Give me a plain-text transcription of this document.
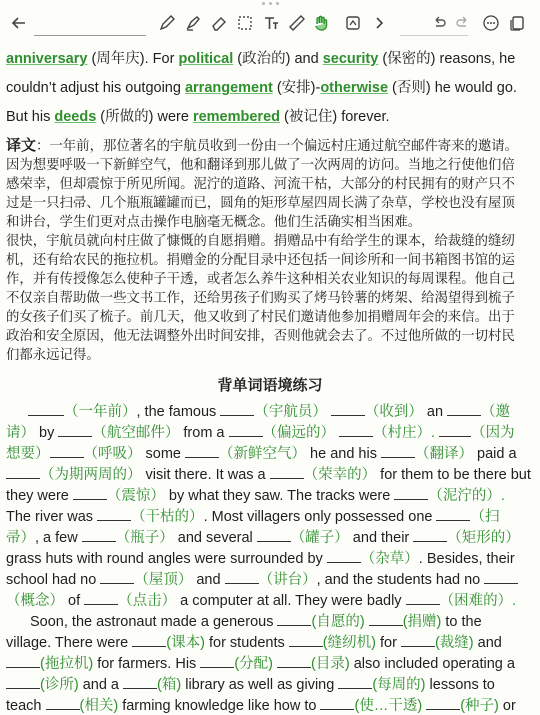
anniversary (周年庆). For political (政治的) and security (保密的) reasons, he
couldn’t adjust his outgoing arrangement (安排)-otherwise (否则) he would go.
But his deeds (所做的) were remembered (被记住) forever.
译文：一年前，那位著名的宇航员收到一份由一个偏远村庄通过航空邮件寄来的邀请。
因为想要呼吸一下新鲜空气，他和翻译到那儿做了一次两周的访问。当地之行使他们倍
感荣幸，但却震惊于所见所闻。泥泞的道路、河流干枯，大部分的村民拥有的财产只不
过是一只扫帚、几个瓶瓶罐罐而已，圆角的矩形草屋四周长满了杂草，学校也没有屋顶
和讲台，学生们更对点击操作电脑毫无概念。他们生活确实相当困难。
很快，宇航员就向村庄做了慷慨的自愿捐赠。捐赠品中有给学生的课本，给裁缝的缝纫
机，还有给农民的拖拉机。捐赠金的分配目录中还包括一间诊所和一间书箱图书馆的运
作，并有传授像怎么使种子干透，或者怎么养牛这种相关农业知识的每周课程。他自己
不仅亲自帮助做一些文书工作，还给男孩子们购买了烤马铃薯的烤架、给渴望得到梳子
的女孩子们买了梳子。前几天，他又收到了村民们邀请他参加捐赠周年会的来信。出于
政治和安全原因，他无法调整外出时间安排，否则他就会去了。不过他所做的一切村民
们都永远记得。
背单词语境练习
（一年前）, the famous （宇航员）	（收到） an （邀
请） by （航空邮件） from a （偏远的）	（村庄）. （因为
想要） （呼吸） some （新鲜空气） he and his （翻译） paid a
（为期两周的） visit there. It was a （荣幸的） for them to be there but
they were （震惊） by what they saw. The tracks were （泥泞的）.
The river was （干枯的）. Most villagers only possessed one （扫
帚）, a few （瓶子） and several （罐子） and their （矩形的）
grass huts with round angles were surrounded by （杂草）. Besides, their
school had no （屋顶） and （讲台）, and the students had no
（概念） of （点击） a computer at all. They were badly （困难的）.
Soon, the astronaut made a generous (自愿的)	(捐赠) to the
village. There were (课本) for students (缝纫机) for (裁缝) and
(拖拉机) for farmers. His (分配)	(目录) also included operating a
(诊所) and a (箱) library as well as giving (每周的) lessons to
teach (相关) farming knowledge like how to (使…干透)	(种子) or
